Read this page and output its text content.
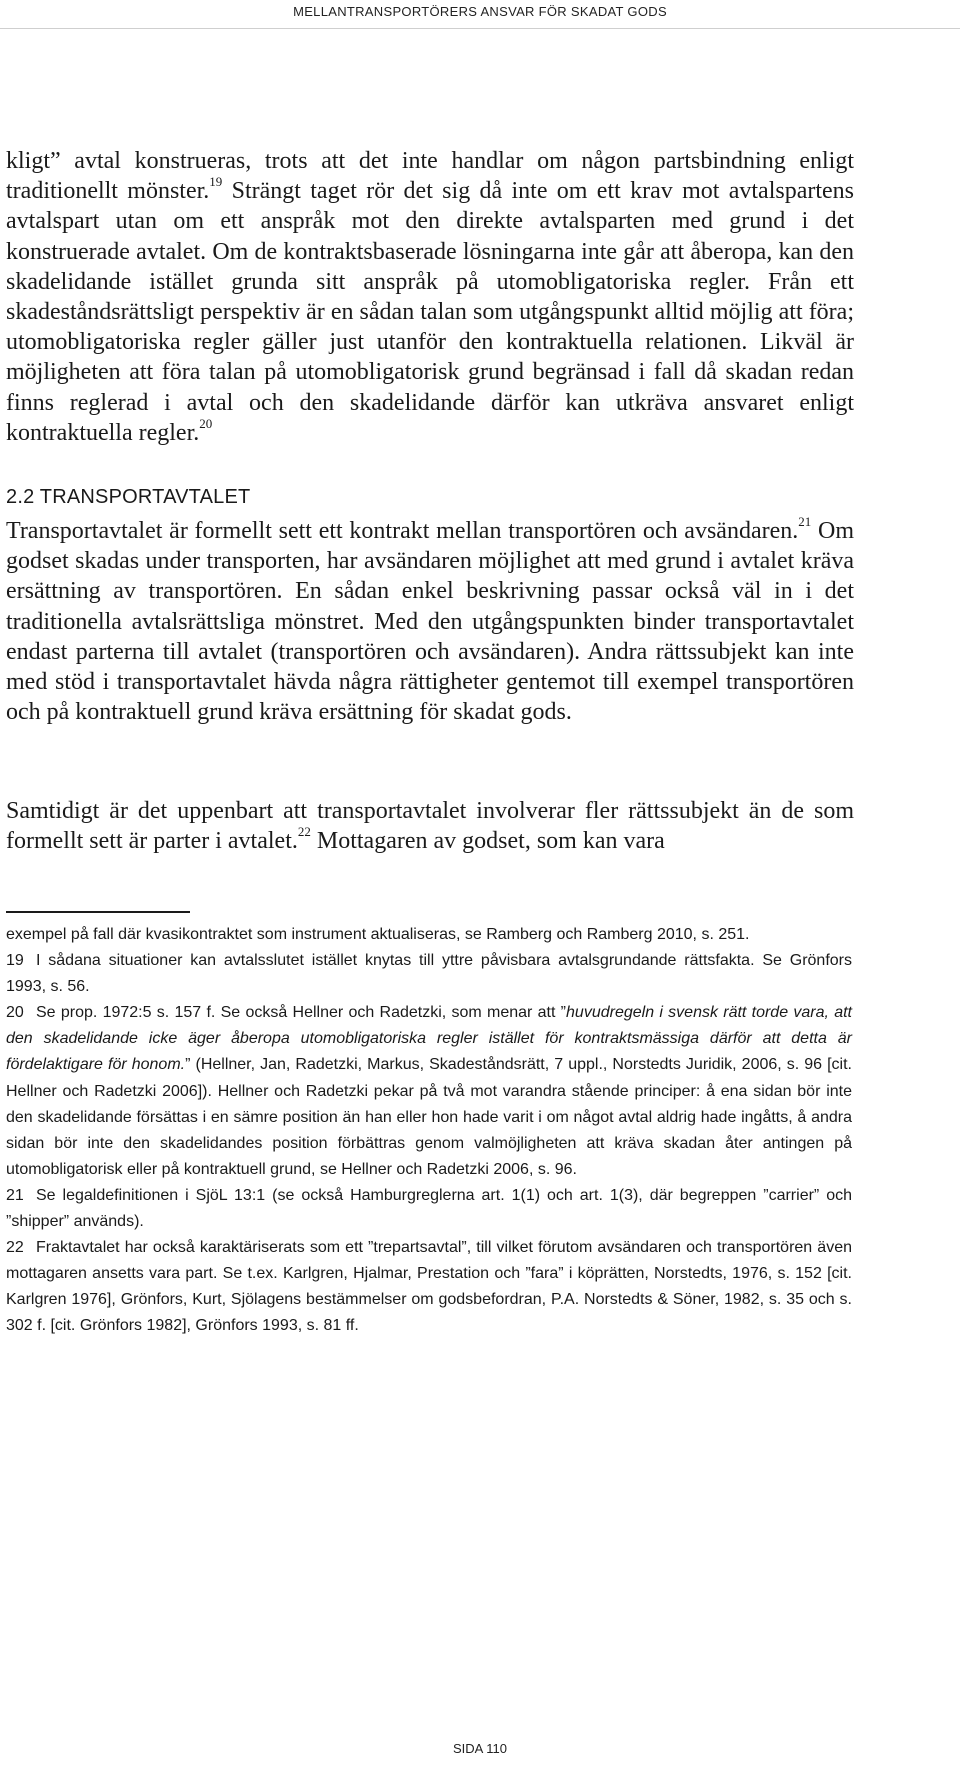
MELLANTRANSPORTÖRERS ANSVAR FÖR SKADAT GODS

kligt” avtal konstrueras, trots att det inte handlar om någon partsbindning enligt traditionellt mönster.$^{19}$ Strängt taget rör det sig då inte om ett krav mot avtalspartens avtalspart utan om ett anspråk mot den direkte avtalsparten med grund i det konstruerade avtalet. Om de kontraktsbaserade lösningarna inte går att åberopa, kan den skadelidande istället grunda sitt anspråk på utomobligatoriska regler. Från ett skadeståndsrättsligt perspektiv är en sådan talan som utgångspunkt alltid möjlig att föra; utomobligatoriska regler gäller just utanför den kontraktuella relationen. Likväl är möjligheten att föra talan på utomobligatorisk grund begränsad i fall då skadan redan finns reglerad i avtal och den skadelidande därför kan utkräva ansvaret enligt kontraktuella regler.$^{20}$

2.2 TRANSPORTAVTALET

Transportavtalet är formellt sett ett kontrakt mellan transportören och avsändaren.$^{21}$ Om godset skadas under transporten, har avsändaren möjlighet att med grund i avtalet kräva ersättning av transportören. En sådan enkel beskrivning passar också väl in i det traditionella avtalsrättsliga mönstret. Med den utgångspunkten binder transportavtalet endast parterna till avtalet (transportören och avsändaren). Andra rättssubjekt kan inte med stöd i transportavtalet hävda några rättigheter gentemot till exempel transportören och på kontraktuell grund kräva ersättning för skadat gods.

Samtidigt är det uppenbart att transportavtalet involverar fler rättssubjekt än de som formellt sett är parter i avtalet.$^{22}$ Mottagaren av godset, som kan vara

exempel på fall där kvasikontraktet som instrument aktualiseras, se Ramberg och Ramberg 2010, s. 251.

19 I sådana situationer kan avtalsslutet istället knytas till yttre påvisbara avtalsgrundande rättsfakta. Se Grönfors 1993, s. 56.

20 Se prop. 1972:5 s. 157 f. Se också Hellner och Radetzki, som menar att ”huvudregeln i svensk rätt torde vara, att den skadelidande icke äger åberopa utomobligatoriska regler istället för kontraktsmässiga därför att detta är fördelaktigare för honom.” (Hellner, Jan, Radetzki, Markus, Skadeståndsrätt, 7 uppl., Norstedts Juridik, 2006, s. 96 [cit. Hellner och Radetzki 2006]). Hellner och Radetzki pekar på två mot varandra stående principer: å ena sidan bör inte den skadelidande försättas i en sämre position än han eller hon hade varit i om något avtal aldrig hade ingåtts, å andra sidan bör inte den skadelidandes position förbättras genom valmöjligheten att kräva skadan åter antingen på utomobligatorisk eller på kontraktuell grund, se Hellner och Radetzki 2006, s. 96.

21 Se legaldefinitionen i SjöL 13:1 (se också Hamburgreglerna art. 1(1) och art. 1(3), där begreppen ”carrier” och ”shipper” används).

22 Fraktavtalet har också karaktäriserats som ett ”trepartsavtal”, till vilket förutom avsändaren och transportören även mottagaren ansetts vara part. Se t.ex. Karlgren, Hjalmar, Prestation och ”fara” i köprätten, Norstedts, 1976, s. 152 [cit. Karlgren 1976], Grönfors, Kurt, Sjölagens bestämmelser om godsbefordran, P.A. Norstedts & Söner, 1982, s. 35 och s. 302 f. [cit. Grönfors 1982], Grönfors 1993, s. 81 ff.

SIDA 110
